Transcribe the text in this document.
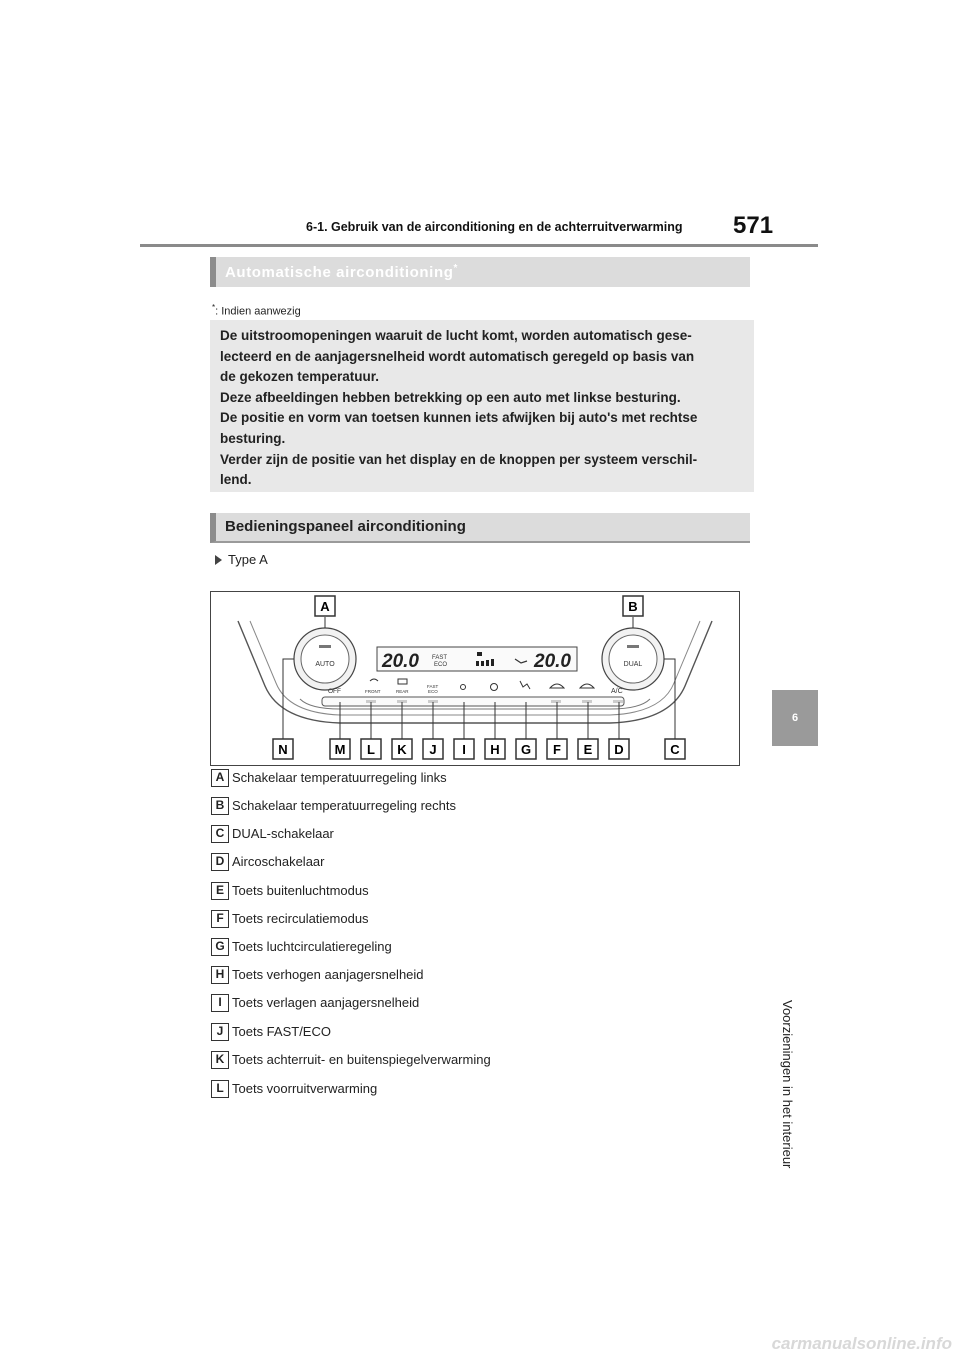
6-1. Gebruik van de airconditioning en de achterruitverwarming 571
6
Voorzieningen in het interieur
Automatische airconditioning*
*: Indien aanwezig

De uitstroomopeningen waaruit de lucht komt, worden automatisch gese-

lecteerd en de aanjagersnelheid wordt automatisch geregeld op basis van

de gekozen temperatuur.

Deze afbeeldingen hebben betrekking op een auto met linkse besturing.

De positie en vorm van toetsen kunnen iets afwijken bij auto's met rechtse

besturing.

Verder zijn de positie van het display en de knoppen per systeem verschil-

lend.

Bedieningspaneel airconditioning
Type A
AUTO	DUAL
20.0	20.0
FAST
ECO
OFF	FRONT	REAR
FAST
ECO	A/C
A	B
N	M L K J I H G F E D	C
A Schakelaar temperatuurregeling links
B Schakelaar temperatuurregeling rechts
C DUAL-schakelaar
D Aircoschakelaar
E Toets buitenluchtmodus
F Toets recirculatiemodus
G Toets luchtcirculatieregeling
H Toets verhogen aanjagersnelheid
I Toets verlagen aanjagersnelheid
J Toets FAST/ECO
K Toets achterruit- en buitenspiegelverwarming
L Toets voorruitverwarming
carmanualsonline.info
